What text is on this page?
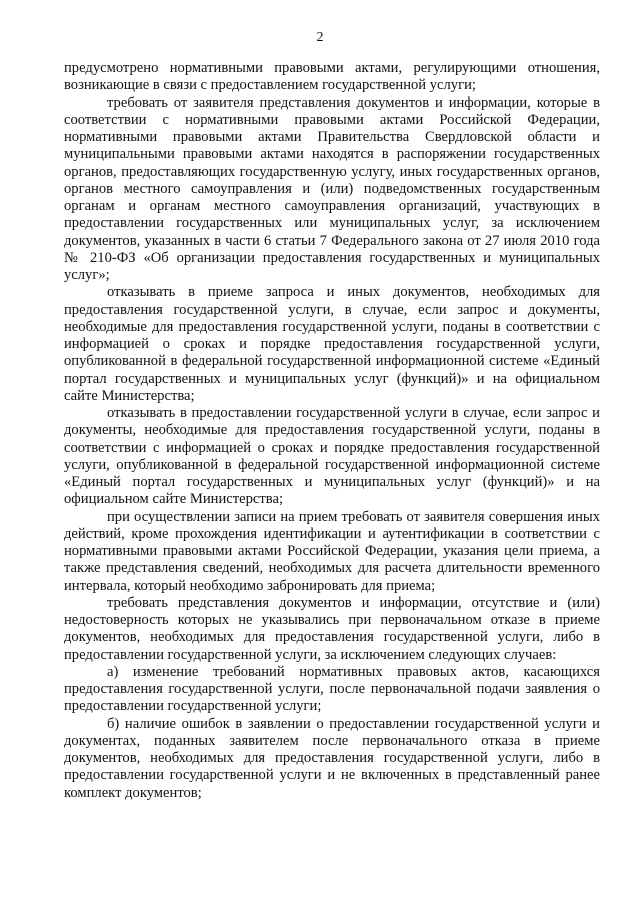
2

предусмотрено нормативными правовыми актами, регулирующими отношения, возникающие в связи с предоставлением государственной услуги;

требовать от заявителя представления документов и информации, которые в соответствии с нормативными правовыми актами Российской Федерации, нормативными правовыми актами Правительства Свердловской области и муниципальными правовыми актами находятся в распоряжении государственных органов, предоставляющих государственную услугу, иных государственных органов, органов местного самоуправления и (или) подведомственных государственным органам и органам местного самоуправления организаций, участвующих в предоставлении государственных или муниципальных услуг, за исключением документов, указанных в части 6 статьи 7 Федерального закона от 27 июля 2010 года № 210-ФЗ «Об организации предоставления государственных и муниципальных услуг»;

отказывать в приеме запроса и иных документов, необходимых для предоставления государственной услуги, в случае, если запрос и документы, необходимые для предоставления государственной услуги, поданы в соответствии с информацией о сроках и порядке предоставления государственной услуги, опубликованной в федеральной государственной информационной системе «Единый портал государственных и муниципальных услуг (функций)» и на официальном сайте Министерства;

отказывать в предоставлении государственной услуги в случае, если запрос и документы, необходимые для предоставления государственной услуги, поданы в соответствии с информацией о сроках и порядке предоставления государственной услуги, опубликованной в федеральной государственной информационной системе «Единый портал государственных и муниципальных услуг (функций)» и на официальном сайте Министерства;

при осуществлении записи на прием требовать от заявителя совершения иных действий, кроме прохождения идентификации и аутентификации в соответствии с нормативными правовыми актами Российской Федерации, указания цели приема, а также представления сведений, необходимых для расчета длительности временного интервала, который необходимо забронировать для приема;

требовать представления документов и информации, отсутствие и (или) недостоверность которых не указывались при первоначальном отказе в приеме документов, необходимых для предоставления государственной услуги, либо в предоставлении государственной услуги, за исключением следующих случаев:

а) изменение требований нормативных правовых актов, касающихся предоставления государственной услуги, после первоначальной подачи заявления о предоставлении государственной услуги;

б) наличие ошибок в заявлении о предоставлении государственной услуги и документах, поданных заявителем после первоначального отказа в приеме документов, необходимых для предоставления государственной услуги, либо в предоставлении государственной услуги и не включенных в представленный ранее комплект документов;
